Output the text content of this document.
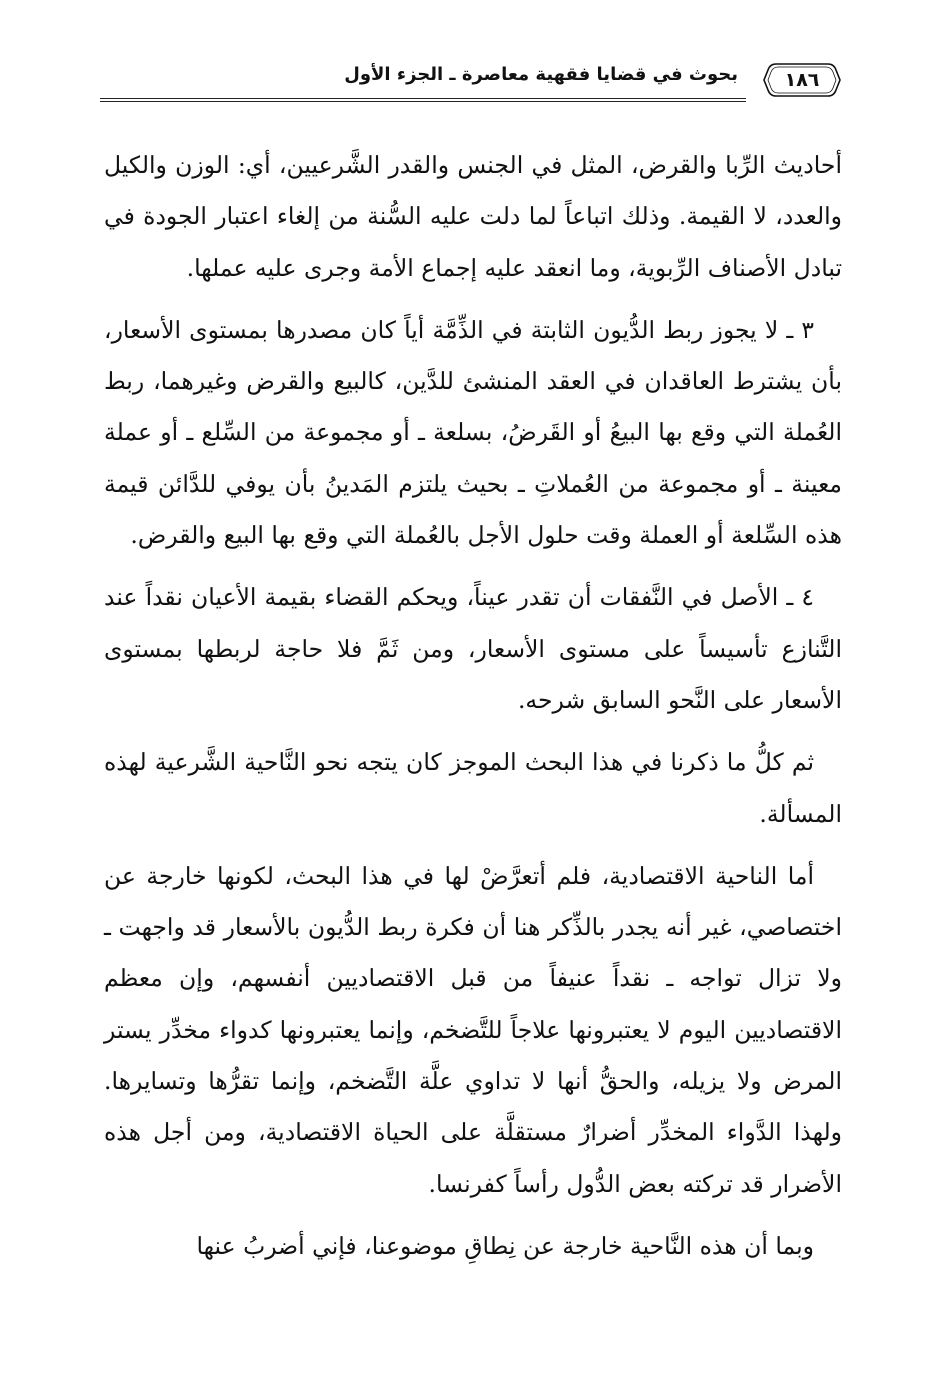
١٨٦
بحوث في قضايا فقهية معاصرة ـ الجزء الأول

أحاديث الرِّبا والقرض، المثل في الجنس والقدر الشَّرعيين، أي: الوزن والكيل والعدد، لا القيمة. وذلك اتباعاً لما دلت عليه السُّنة من إلغاء اعتبار الجودة في تبادل الأصناف الرِّبوية، وما انعقد عليه إجماع الأمة وجرى عليه عملها.

٣ ـ لا يجوز ربط الدُّيون الثابتة في الذِّمَّة أياً كان مصدرها بمستوى الأسعار، بأن يشترط العاقدان في العقد المنشئ للدَّين، كالبيع والقرض وغيرهما، ربط العُملة التي وقع بها البيعُ أو القَرضُ، بسلعة ـ أو مجموعة من السِّلع ـ أو عملة معينة ـ أو مجموعة من العُملاتِ ـ بحيث يلتزم المَدينُ بأن يوفي للدَّائن قيمة هذه السِّلعة أو العملة وقت حلول الأجل بالعُملة التي وقع بها البيع والقرض.

٤ ـ الأصل في النَّفقات أن تقدر عيناً، ويحكم القضاء بقيمة الأعيان نقداً عند التَّنازع تأسيساً على مستوى الأسعار، ومن ثَمَّ فلا حاجة لربطها بمستوى الأسعار على النَّحو السابق شرحه.

ثم كلُّ ما ذكرنا في هذا البحث الموجز كان يتجه نحو النَّاحية الشَّرعية لهذه المسألة.

أما الناحية الاقتصادية، فلم أتعرَّضْ لها في هذا البحث، لكونها خارجة عن اختصاصي، غير أنه يجدر بالذِّكر هنا أن فكرة ربط الدُّيون بالأسعار قد واجهت ـ ولا تزال تواجه ـ نقداً عنيفاً من قبل الاقتصاديين أنفسهم، وإن معظم الاقتصاديين اليوم لا يعتبرونها علاجاً للتَّضخم، وإنما يعتبرونها كدواء مخدِّر يستر المرض ولا يزيله، والحقُّ أنها لا تداوي علَّة التَّضخم، وإنما تقرُّها وتسايرها. ولهذا الدَّواء المخدِّر أضرارٌ مستقلَّة على الحياة الاقتصادية، ومن أجل هذه الأضرار قد تركته بعض الدُّول رأساً كفرنسا.

وبما أن هذه النَّاحية خارجة عن نِطاقِ موضوعنا، فإني أضربُ عنها
